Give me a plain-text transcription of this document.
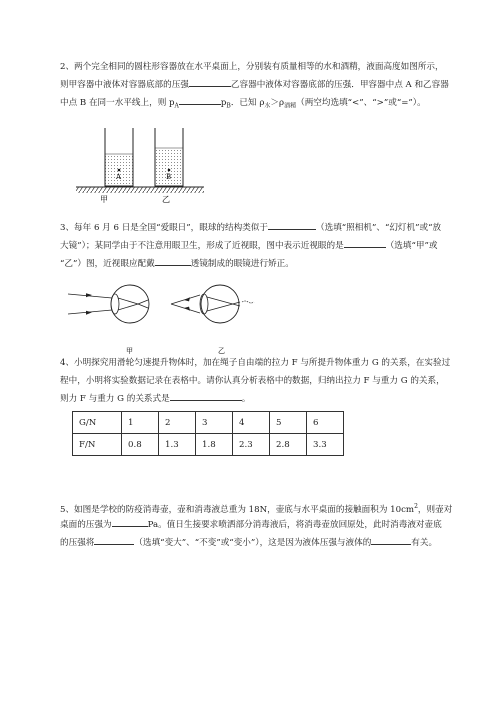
2、两个完全相同的圆柱形容器放在水平桌面上，分别装有质量相等的水和酒精，液面高度如图所示，
则甲容器中液体对容器底部的压强	乙容器中液体对容器底部的压强．甲容器中点 A 和乙容器
中点 B 在同一水平线上，则 $p_A$	$p_B$．已知 $\rho_水>\rho_{酒精}$（两空均选填“<”、“>”或“=”）。
A	B
甲	乙
3、每年 6 月 6 日是全国“爱眼日”，眼球的结构类似于	（选填“照相机”、“幻灯机”或“放
大镜”）；某同学由于不注意用眼卫生，形成了近视眼，图中表示近视眼的是	（选填“甲”或
“乙”）图，近视眼应配戴	透镜制成的眼镜进行矫正。
甲	乙
4、小明探究用滑轮匀速提升物体时，加在绳子自由端的拉力 F 与所提升物体重力 G 的关系，在实验过
程中，小明将实验数据记录在表格中。请你认真分析表格中的数据，归纳出拉力 F 与重力 G 的关系，
则力 F 与重力 G 的关系式是	。
G/N	1	2	3	4	5	6
F/N	0.8	1.3	1.8	2.3	2.8	3.3
5、如图是学校的防疫消毒壶，壶和消毒液总重为 18N，壶底与水平桌面的接触面积为 $10cm^2$，则壶对
桌面的压强为	Pa。值日生接要求喷洒部分消毒液后，将消毒壶放回原处，此时消毒液对壶底
的压强将	（选填“变大”、“不变”或“变小”），这是因为液体压强与液体的	有关。
